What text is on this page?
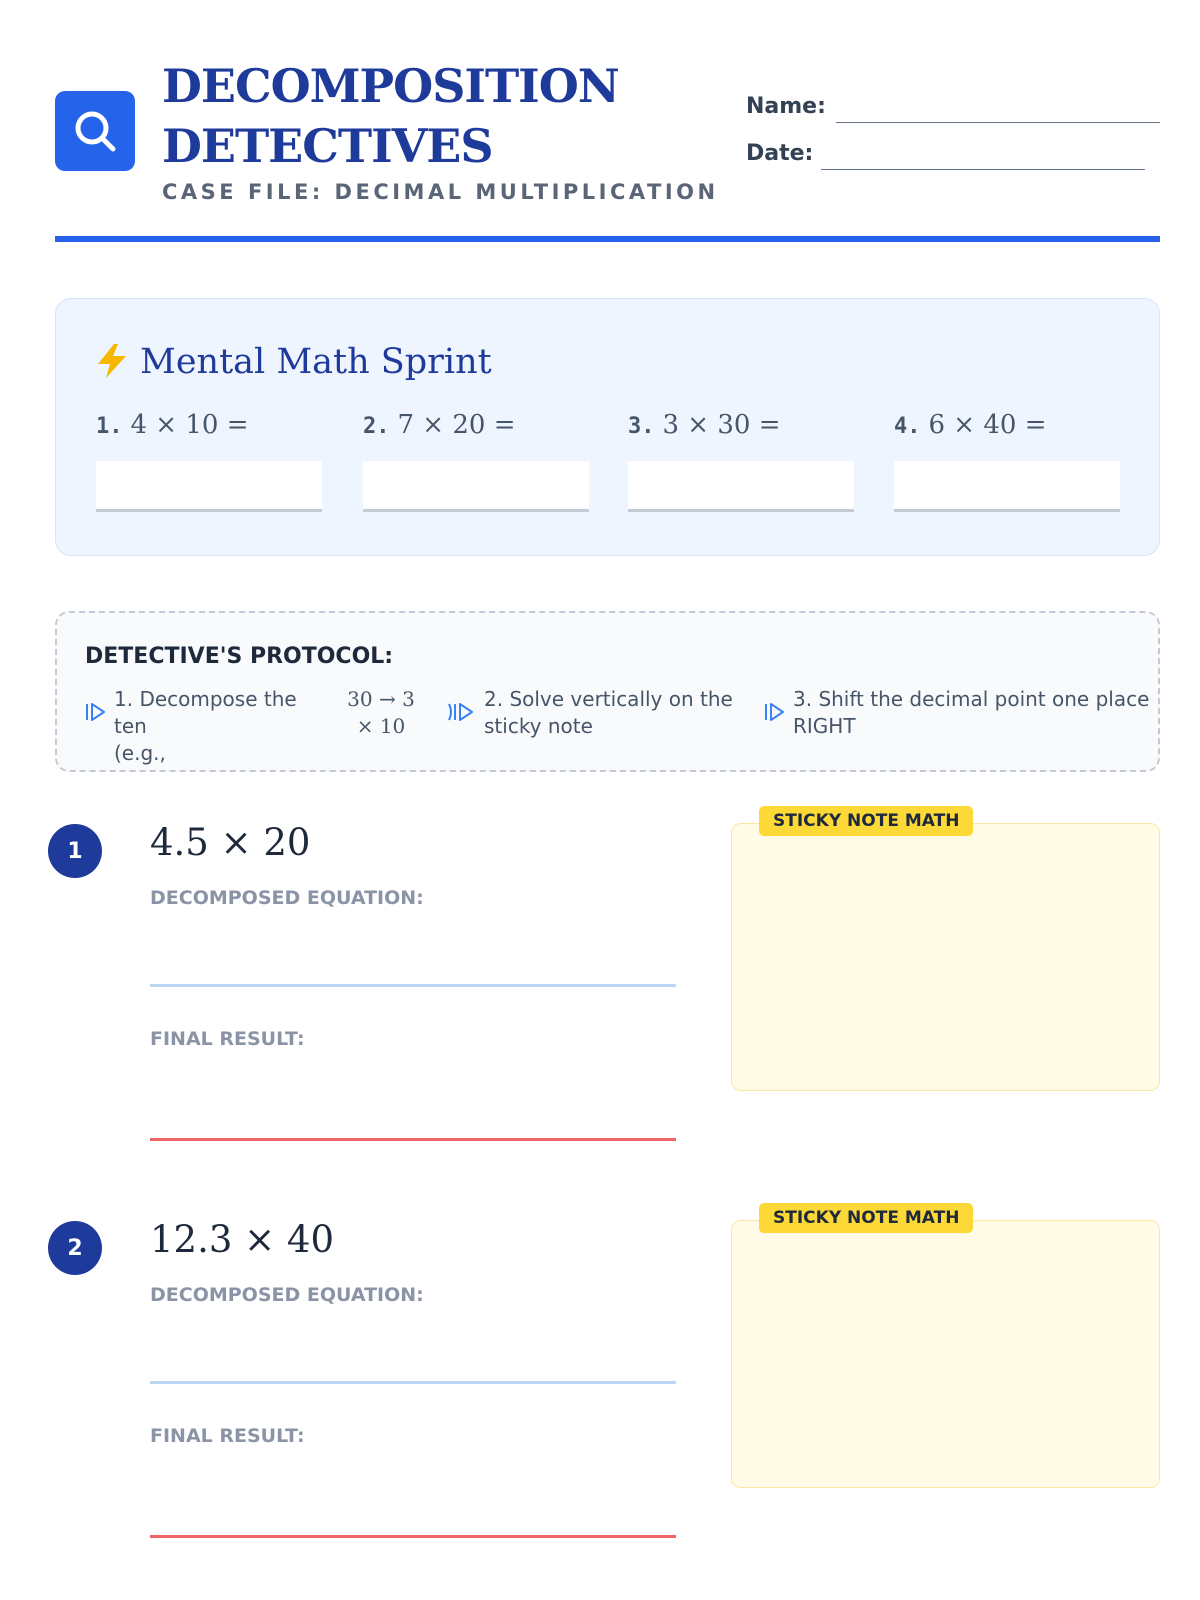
DECOMPOSITION
DETECTIVES
CASE FILE: DECIMAL MULTIPLICATION
Name:
Date:
Mental Math Sprint
1. 4 × 10 =	2. 7 × 20 =	3. 3 × 30 =	4. 6 × 40 =
DETECTIVE'S PROTOCOL:
1. Decompose the ten
(e.g.,
30 → 3
× 10
2. Solve vertically on the
sticky note
3. Shift the decimal point one place
RIGHT
1	4.5 × 20
DECOMPOSED EQUATION:
FINAL RESULT:
STICKY NOTE MATH
2	12.3 × 40
DECOMPOSED EQUATION:
FINAL RESULT:
STICKY NOTE MATH
